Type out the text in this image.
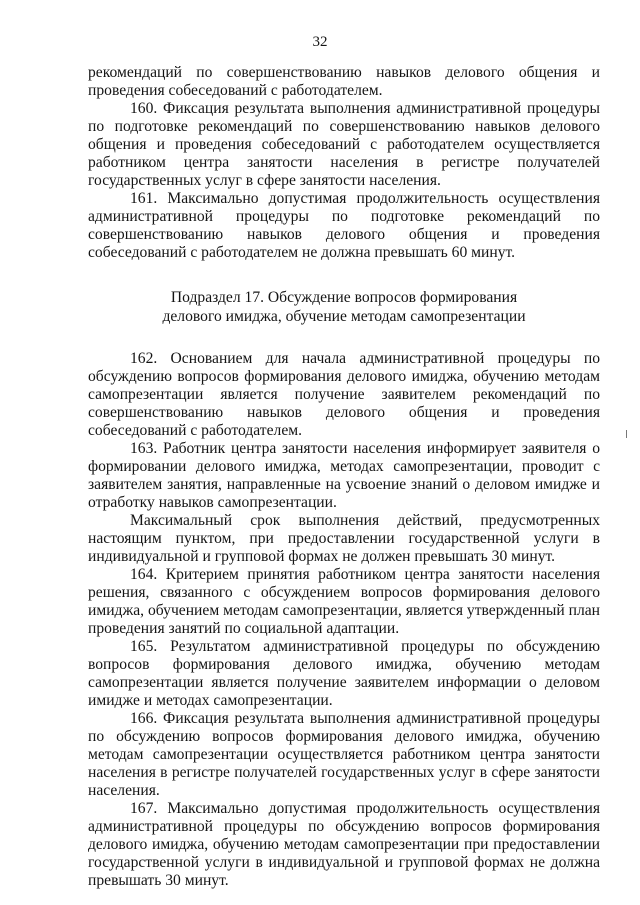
32

рекомендаций по совершенствованию навыков делового общения и проведения собеседований с работодателем.

160. Фиксация результата выполнения административной процедуры по подготовке рекомендаций по совершенствованию навыков делового общения и проведения собеседований с работодателем осуществляется работником центра занятости населения в регистре получателей государственных услуг в сфере занятости населения.

161. Максимально допустимая продолжительность осуществления административной процедуры по подготовке рекомендаций по совершенствованию навыков делового общения и проведения собеседований с работодателем не должна превышать 60 минут.

Подраздел 17. Обсуждение вопросов формирования
делового имиджа, обучение методам самопрезентации

162. Основанием для начала административной процедуры по обсуждению вопросов формирования делового имиджа, обучению методам самопрезентации является получение заявителем рекомендаций по совершенствованию навыков делового общения и проведения собеседований с работодателем.

163. Работник центра занятости населения информирует заявителя о формировании делового имиджа, методах самопрезентации, проводит с заявителем занятия, направленные на усвоение знаний о деловом имидже и отработку навыков самопрезентации.

Максимальный срок выполнения действий, предусмотренных настоящим пунктом, при предоставлении государственной услуги в индивидуальной и групповой формах не должен превышать 30 минут.

164. Критерием принятия работником центра занятости населения решения, связанного с обсуждением вопросов формирования делового имиджа, обучением методам самопрезентации, является утвержденный план проведения занятий по социальной адаптации.

165. Результатом административной процедуры по обсуждению вопросов формирования делового имиджа, обучению методам самопрезентации является получение заявителем информации о деловом имидже и методах самопрезентации.

166. Фиксация результата выполнения административной процедуры по обсуждению вопросов формирования делового имиджа, обучению методам самопрезентации осуществляется работником центра занятости населения в регистре получателей государственных услуг в сфере занятости населения.

167. Максимально допустимая продолжительность осуществления административной процедуры по обсуждению вопросов формирования делового имиджа, обучению методам самопрезентации при предоставлении государственной услуги в индивидуальной и групповой формах не должна превышать 30 минут.
